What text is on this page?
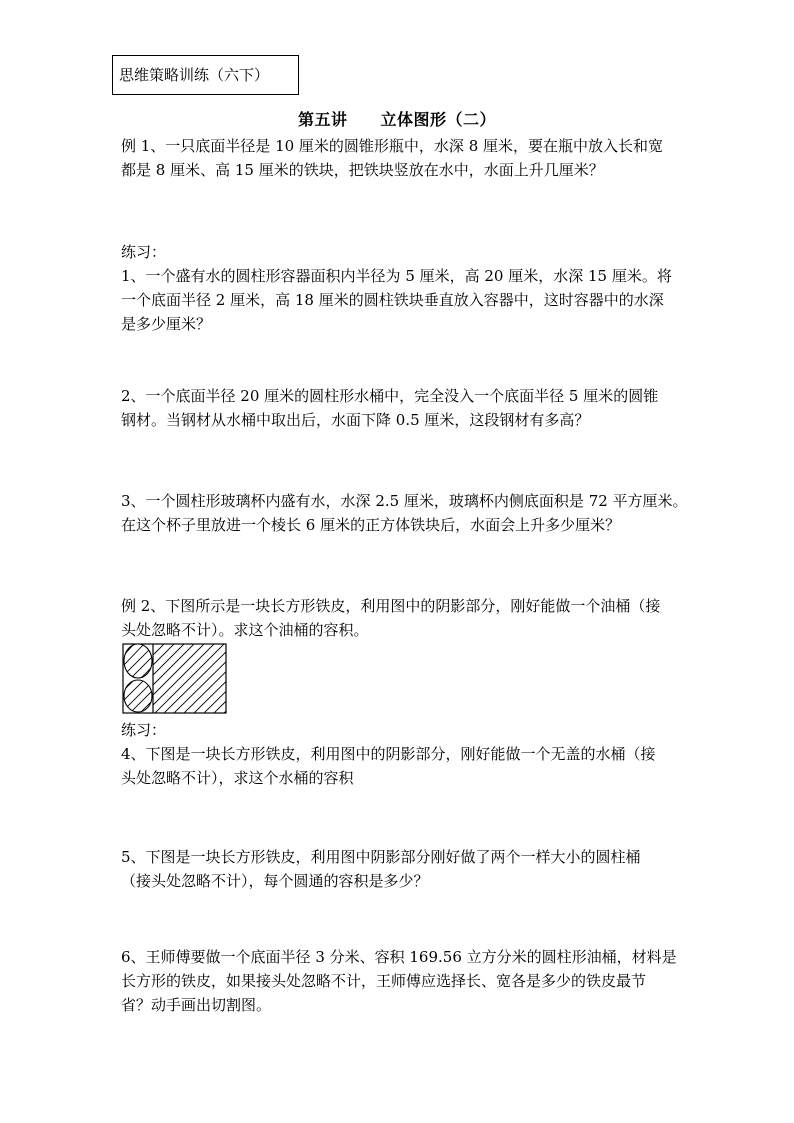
思维策略训练（六下）
第五讲　　立体图形（二）
例 1、一只底面半径是 10 厘米的圆锥形瓶中，水深 8 厘米，要在瓶中放入长和宽
都是 8 厘米、高 15 厘米的铁块，把铁块竖放在水中，水面上升几厘米？
练习：
1、一个盛有水的圆柱形容器面积内半径为 5 厘米，高 20 厘米，水深 15 厘米。将
一个底面半径 2 厘米，高 18 厘米的圆柱铁块垂直放入容器中，这时容器中的水深
是多少厘米？
2、一个底面半径 20 厘米的圆柱形水桶中，完全没入一个底面半径 5 厘米的圆锥
钢材。当钢材从水桶中取出后，水面下降 0.5 厘米，这段钢材有多高？
3、一个圆柱形玻璃杯内盛有水，水深 2.5 厘米，玻璃杯内侧底面积是 72 平方厘米。
在这个杯子里放进一个棱长 6 厘米的正方体铁块后，水面会上升多少厘米？
例 2、下图所示是一块长方形铁皮，利用图中的阴影部分，刚好能做一个油桶（接
头处忽略不计）。求这个油桶的容积。
练习：
4、下图是一块长方形铁皮，利用图中的阴影部分，刚好能做一个无盖的水桶（接
头处忽略不计），求这个水桶的容积
5、下图是一块长方形铁皮，利用图中阴影部分刚好做了两个一样大小的圆柱桶
（接头处忽略不计），每个圆通的容积是多少？
6、王师傅要做一个底面半径 3 分米、容积 169.56 立方分米的圆柱形油桶，材料是
长方形的铁皮，如果接头处忽略不计，王师傅应选择长、宽各是多少的铁皮最节
省？动手画出切割图。
